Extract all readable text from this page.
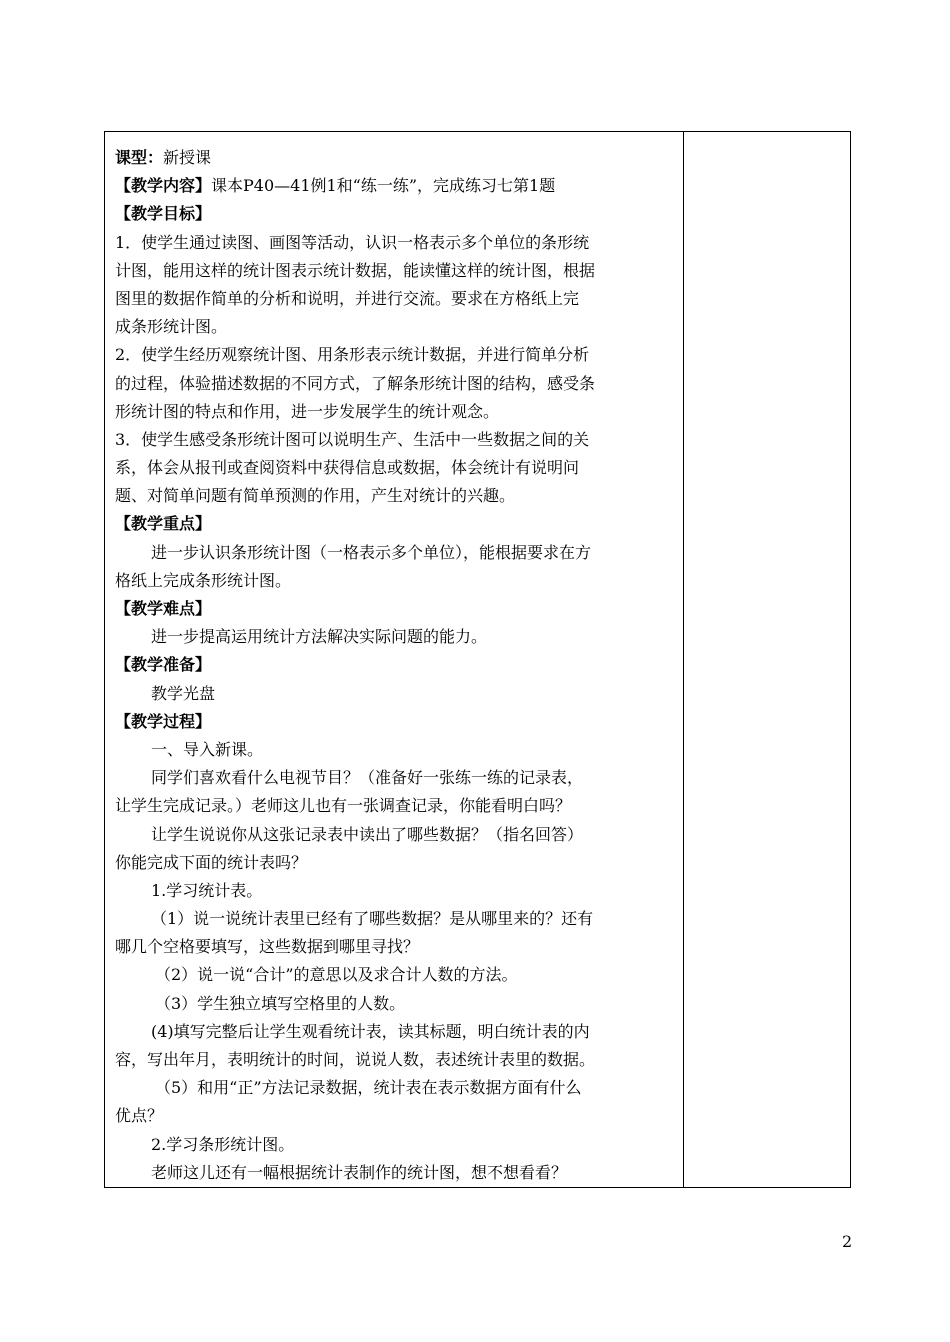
课型：新授课
【教学内容】课本P40—41例1和“练一练”，完成练习七第1题
【教学目标】
1．使学生通过读图、画图等活动，认识一格表示多个单位的条形统
计图，能用这样的统计图表示统计数据，能读懂这样的统计图，根据
图里的数据作简单的分析和说明，并进行交流。要求在方格纸上完
成条形统计图。
2．使学生经历观察统计图、用条形表示统计数据，并进行简单分析
的过程，体验描述数据的不同方式，了解条形统计图的结构，感受条
形统计图的特点和作用，进一步发展学生的统计观念。
3．使学生感受条形统计图可以说明生产、生活中一些数据之间的关
系，体会从报刊或查阅资料中获得信息或数据，体会统计有说明问
题、对简单问题有简单预测的作用，产生对统计的兴趣。
【教学重点】
进一步认识条形统计图（一格表示多个单位），能根据要求在方
格纸上完成条形统计图。
【教学难点】
进一步提高运用统计方法解决实际问题的能力。
【教学准备】
教学光盘
【教学过程】
一、导入新课。
同学们喜欢看什么电视节目？（准备好一张练一练的记录表，
让学生完成记录。）老师这儿也有一张调查记录，你能看明白吗？
让学生说说你从这张记录表中读出了哪些数据？（指名回答）
你能完成下面的统计表吗？
1.学习统计表。
（1）说一说统计表里已经有了哪些数据？是从哪里来的？还有
哪几个空格要填写，这些数据到哪里寻找？
（2）说一说“合计”的意思以及求合计人数的方法。
（3）学生独立填写空格里的人数。
(4)填写完整后让学生观看统计表，读其标题，明白统计表的内
容，写出年月，表明统计的时间，说说人数，表述统计表里的数据。
（5）和用“正”方法记录数据，统计表在表示数据方面有什么
优点？
2.学习条形统计图。
老师这儿还有一幅根据统计表制作的统计图，想不想看看？
2
